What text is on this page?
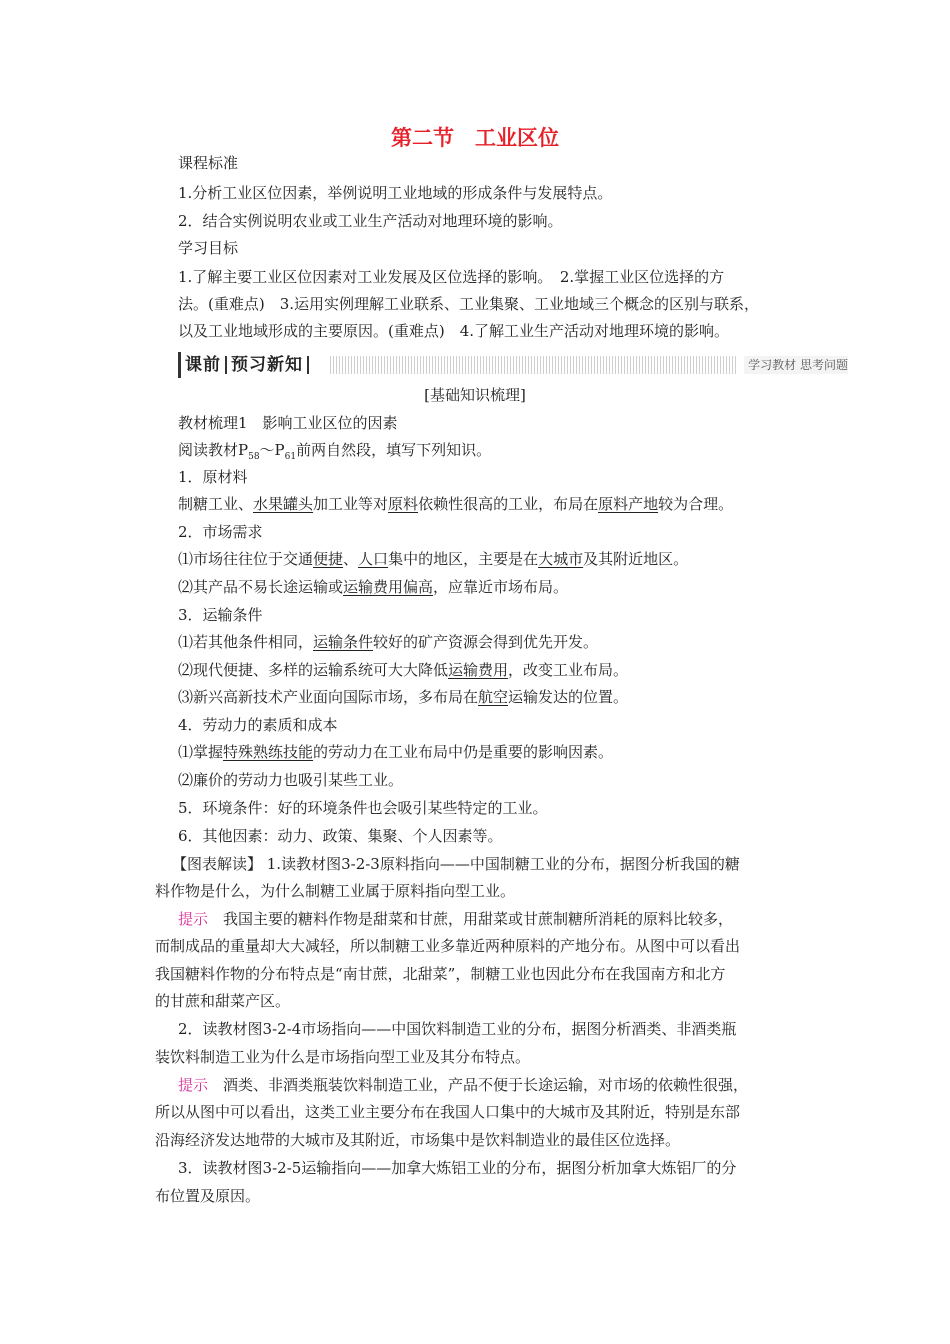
第二节　工业区位
课程标准
1.分析工业区位因素，举例说明工业地域的形成条件与发展特点。
2．结合实例说明农业或工业生产活动对地理环境的影响。
学习目标
1.了解主要工业区位因素对工业发展及区位选择的影响。　2.掌握工业区位选择的方
法。(重难点)　3.运用实例理解工业联系、工业集聚、工业地域三个概念的区别与联系，
以及工业地域形成的主要原因。(重难点)　4.了解工业生产活动对地理环境的影响。
课前 预习新知	学习教材 思考问题
[基础知识梳理]
教材梳理1　影响工业区位的因素
阅读教材$P_{58}\sim P_{61}$前两自然段，填写下列知识。
1．原材料
制糖工业、水果罐头加工业等对原料依赖性很高的工业，布局在原料产地较为合理。
2．市场需求
⑴市场往往位于交通便捷、人口集中的地区，主要是在大城市及其附近地区。
⑵其产品不易长途运输或运输费用偏高，应靠近市场布局。
3．运输条件
⑴若其他条件相同，运输条件较好的矿产资源会得到优先开发。
⑵现代便捷、多样的运输系统可大大降低运输费用，改变工业布局。
⑶新兴高新技术产业面向国际市场，多布局在航空运输发达的位置。
4．劳动力的素质和成本
⑴掌握特殊熟练技能的劳动力在工业布局中仍是重要的影响因素。
⑵廉价的劳动力也吸引某些工业。
5．环境条件：好的环境条件也会吸引某些特定的工业。
6．其他因素：动力、政策、集聚、个人因素等。
【图表解读】 1.读教材图3-2-3原料指向——中国制糖工业的分布，据图分析我国的糖
料作物是什么，为什么制糖工业属于原料指向型工业。
提示　我国主要的糖料作物是甜菜和甘蔗，用甜菜或甘蔗制糖所消耗的原料比较多，
而制成品的重量却大大减轻，所以制糖工业多靠近两种原料的产地分布。从图中可以看出
我国糖料作物的分布特点是“南甘蔗，北甜菜”，制糖工业也因此分布在我国南方和北方
的甘蔗和甜菜产区。
2．读教材图3-2-4市场指向——中国饮料制造工业的分布，据图分析酒类、非酒类瓶
装饮料制造工业为什么是市场指向型工业及其分布特点。
提示　酒类、非酒类瓶装饮料制造工业，产品不便于长途运输，对市场的依赖性很强，
所以从图中可以看出，这类工业主要分布在我国人口集中的大城市及其附近，特别是东部
沿海经济发达地带的大城市及其附近，市场集中是饮料制造业的最佳区位选择。
3．读教材图3-2-5运输指向——加拿大炼铝工业的分布，据图分析加拿大炼铝厂的分
布位置及原因。
